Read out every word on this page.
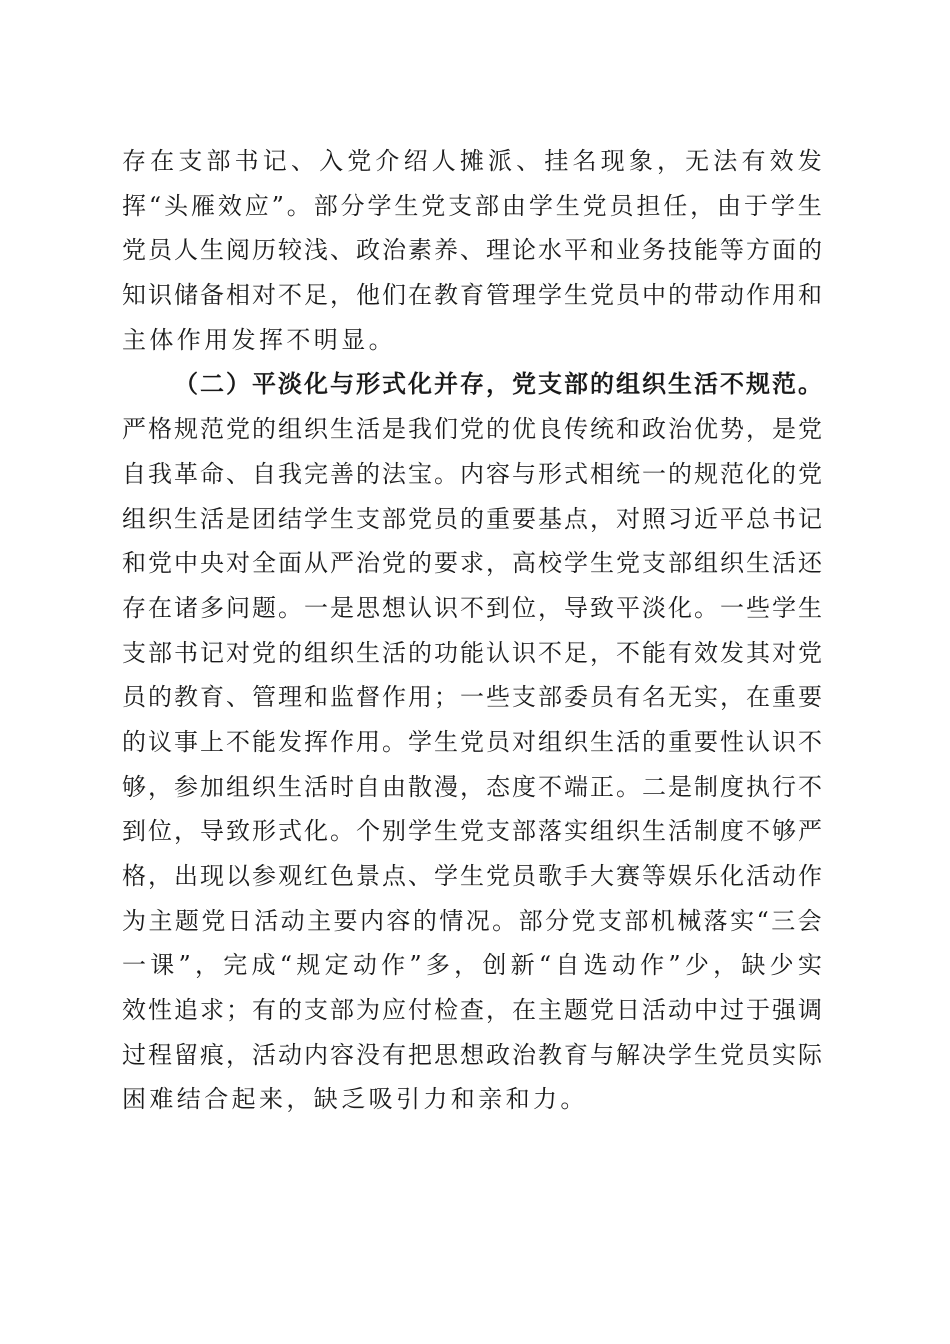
存 在 支 部 书 记 、 入 党 介 绍 人 摊 派 、 挂 名 现 象 ， 无 法 有 效 发
挥 “ 头 雁 效 应 ” 。 部 分 学 生 党 支 部 由 学 生 党 员 担 任 ， 由 于 学 生
党 员 人 生 阅 历 较 浅 、 政 治 素 养 、 理 论 水 平 和 业 务 技 能 等 方 面 的
知 识 储 备 相 对 不 足 ， 他 们 在 教 育 管 理 学 生 党 员 中 的 带 动 作 用 和
主体作用发挥不明显。
（ 二 ） 平 淡 化 与 形 式 化 并 存 ， 党 支 部 的 组 织 生 活 不 规 范 。
严 格 规 范 党 的 组 织 生 活 是 我 们 党 的 优 良 传 统 和 政 治 优 势 ， 是 党
自 我 革 命 、 自 我 完 善 的 法 宝 。 内 容 与 形 式 相 统 一 的 规 范 化 的 党
组 织 生 活 是 团 结 学 生 支 部 党 员 的 重 要 基 点 ， 对 照 习 近 平 总 书 记
和 党 中 央 对 全 面 从 严 治 党 的 要 求 ， 高 校 学 生 党 支 部 组 织 生 活 还
存 在 诸 多 问 题 。 一 是 思 想 认 识 不 到 位 ， 导 致 平 淡 化 。 一 些 学 生
支 部 书 记 对 党 的 组 织 生 活 的 功 能 认 识 不 足 ， 不 能 有 效 发 其 对 党
员 的 教 育 、 管 理 和 监 督 作 用 ； 一 些 支 部 委 员 有 名 无 实 ， 在 重 要
的 议 事 上 不 能 发 挥 作 用 。 学 生 党 员 对 组 织 生 活 的 重 要 性 认 识 不
够 ， 参 加 组 织 生 活 时 自 由 散 漫 ， 态 度 不 端 正 。 二 是 制 度 执 行 不
到 位 ， 导 致 形 式 化 。 个 别 学 生 党 支 部 落 实 组 织 生 活 制 度 不 够 严
格 ， 出 现 以 参 观 红 色 景 点 、 学 生 党 员 歌 手 大 赛 等 娱 乐 化 活 动 作
为 主 题 党 日 活 动 主 要 内 容 的 情 况 。 部 分 党 支 部 机 械 落 实 “ 三 会
一 课 ” ， 完 成 “ 规 定 动 作 ” 多 ， 创 新 “ 自 选 动 作 ” 少 ， 缺 少 实
效 性 追 求 ； 有 的 支 部 为 应 付 检 查 ， 在 主 题 党 日 活 动 中 过 于 强 调
过 程 留 痕 ， 活 动 内 容 没 有 把 思 想 政 治 教 育 与 解 决 学 生 党 员 实 际
困难结合起来，缺乏吸引力和亲和力。
